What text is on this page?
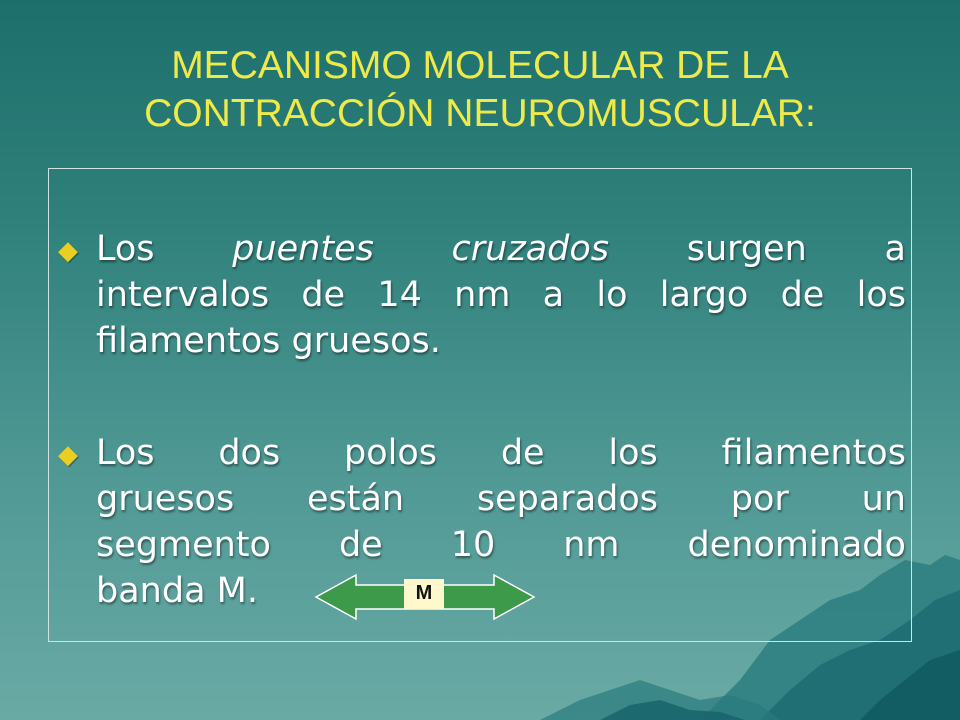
MECANISMO MOLECULAR DE LA
CONTRACCIÓN NEUROMUSCULAR:
◆ Los puentes cruzados surgen a
intervalos de 14 nm a lo largo de los
filamentos gruesos.
◆ Los dos polos de los filamentos
gruesos están separados por un
segmento de 10 nm denominado
banda M.	M
